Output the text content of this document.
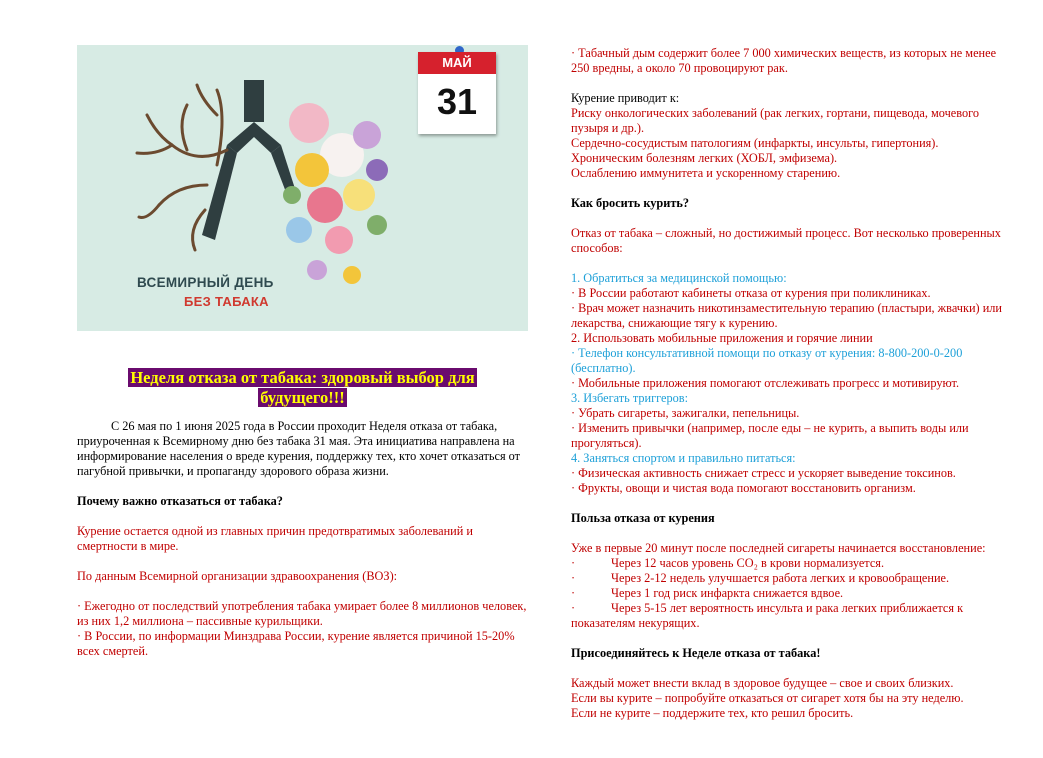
МАЙ
31
ВСЕМИРНЫЙ ДЕНЬ
БЕЗ ТАБАКА
Неделя отказа от табака: здоровый выбор для
будущего!!!

С 26 мая по 1 июня 2025 года в России проходит Неделя отказа от табака, приуроченная к Всемирному дню без табака 31 мая. Эта инициатива направлена на информирование населения о вреде курения, поддержку тех, кто хочет отказаться от пагубной привычки, и пропаганду здорового образа жизни.

Почему важно отказаться от табака?

Курение остается одной из главных причин предотвратимых заболеваний и смертности в мире.

По данным Всемирной организации здравоохранения (ВОЗ):

· Ежегодно от последствий употребления табака умирает более 8 миллионов человек, из них 1,2 миллиона – пассивные курильщики.

· В России, по информации Минздрава России, курение является причиной 15-20% всех смертей.

· Табачный дым содержит более 7 000 химических веществ, из которых не менее 250 вредны, а около 70 провоцируют рак.

Курение приводит к:

Риску онкологических заболеваний (рак легких, гортани, пищевода, мочевого пузыря и др.).

Сердечно-сосудистым патологиям (инфаркты, инсульты, гипертония).

Хроническим болезням легких (ХОБЛ, эмфизема).

Ослаблению иммунитета и ускоренному старению.

Как бросить курить?

Отказ от табака – сложный, но достижимый процесс. Вот несколько проверенных способов:

1. Обратиться за медицинской помощью:

· В России работают кабинеты отказа от курения при поликлиниках.

· Врач может назначить никотинзаместительную терапию (пластыри, жвачки) или лекарства, снижающие тягу к курению.

2. Использовать мобильные приложения и горячие линии

· Телефон консультативной помощи по отказу от курения: 8-800-200-0-200 (бесплатно).

· Мобильные приложения помогают отслеживать прогресс и мотивируют.

3. Избегать триггеров:

· Убрать сигареты, зажигалки, пепельницы.

· Изменить привычки (например, после еды – не курить, а выпить воды или прогуляться).

4. Заняться спортом и правильно питаться:

· Физическая активность снижает стресс и ускоряет выведение токсинов.

· Фрукты, овощи и чистая вода помогают восстановить организм.

Польза отказа от курения

Уже в первые 20 минут после последней сигареты начинается восстановление:

·	Через 12 часов уровень CO₂ в крови нормализуется.

·	Через 2-12 недель улучшается работа легких и кровообращение.

·	Через 1 год риск инфаркта снижается вдвое.

·	Через 5-15 лет вероятность инсульта и рака легких приближается к показателям некурящих.

Присоединяйтесь к Неделе отказа от табака!

Каждый может внести вклад в здоровое будущее – свое и своих близких.

Если вы курите – попробуйте отказаться от сигарет хотя бы на эту неделю.

Если не курите – поддержите тех, кто решил бросить.
